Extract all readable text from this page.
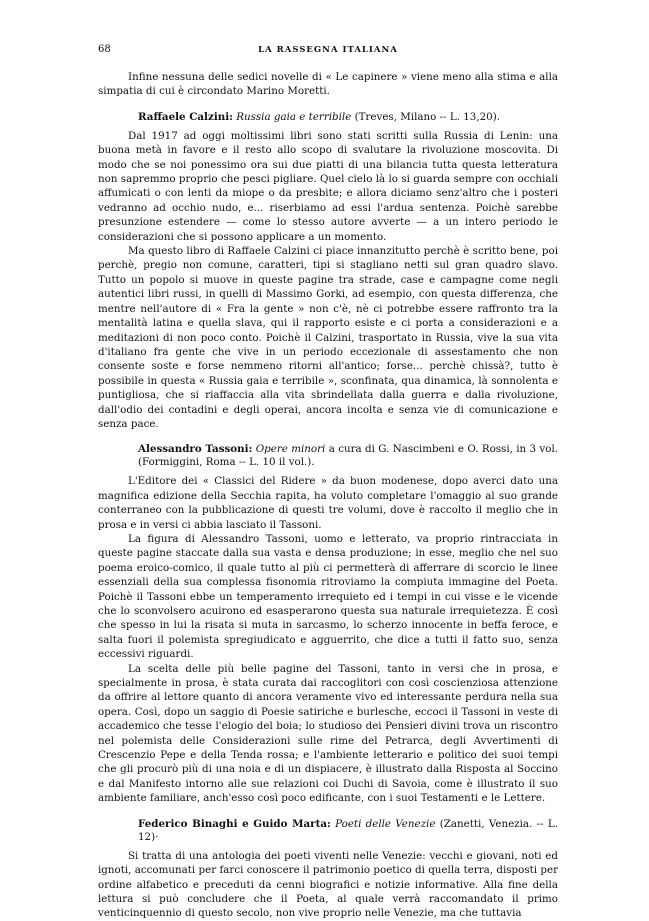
68	LA RASSEGNA ITALIANA

Infine nessuna delle sedici novelle di « Le capinere » viene meno alla stima e alla simpatia di cui è circondato Marino Moretti.

Raffaele Calzini: Russia gaia e terribile (Treves, Milano -- L. 13,20).

Dal 1917 ad oggi moltissimi libri sono stati scritti sulla Russia di Lenin: una buona metà in favore e il resto allo scopo di svalutare la rivoluzione moscovita. Di modo che se noi ponessimo ora sui due piatti di una bilancia tutta questa letteratura non sapremmo proprio che pesci pigliare. Quel cielo là lo si guarda sempre con occhiali affumicati o con lenti da miope o da presbite; e allora diciamo senz'altro che i posteri vedranno ad occhio nudo, e... riserbiamo ad essi l'ardua sentenza. Poichè sarebbe presunzione estendere — come lo stesso autore avverte — a un intero periodo le considerazioni che si possono applicare a un momento.

Ma questo libro di Raffaele Calzini ci piace innanzitutto perchè è scritto bene, poi perchè, pregio non comune, caratteri, tipi si stagliano netti sul gran quadro slavo. Tutto un popolo si muove in queste pagine tra strade, case e campagne come negli autentici libri russi, in quelli di Massimo Gorki, ad esempio, con questa differenza, che mentre nell'autore di « Fra la gente » non c'è, nè ci potrebbe essere raffronto tra la mentalità latina e quella slava, qui il rapporto esiste e ci porta a considerazioni e a meditazioni di non poco conto. Poichè il Calzini, trasportato in Russia, vive la sua vita d'italiano fra gente che vive in un periodo eccezionale di assestamento che non consente soste e forse nemmeno ritorni all'antico; forse... perchè chissà?, tutto è possibile in questa « Russia gaia e terribile », sconfinata, qua dinamica, là sonnolenta e puntigliosa, che si riaffaccia alla vita sbrindellata dalla guerra e dalla rivoluzione, dall'odio dei contadini e degli operai, ancora incolta e senza vie di comunicazione e senza pace.

Alessandro Tassoni: Opere minori a cura di G. Nascimbeni e O. Rossi, in 3 vol. (Formiggini, Roma -- L. 10 il vol.).

L'Editore dei « Classici del Ridere » da buon modenese, dopo averci dato una magnifica edizione della Secchia rapita, ha voluto completare l'omaggio al suo grande conterraneo con la pubblicazione di questi tre volumi, dove è raccolto il meglio che in prosa e in versi ci abbia lasciato il Tassoni.

La figura di Alessandro Tassoni, uomo e letterato, va proprio rintracciata in queste pagine staccate dalla sua vasta e densa produzione; in esse, meglio che nel suo poema eroico-comico, il quale tutto al più ci permetterà di afferrare di scorcio le linee essenziali della sua complessa fisonomia ritroviamo la compiuta immagine del Poeta. Poichè il Tassoni ebbe un temperamento irrequieto ed i tempi in cui visse e le vicende che lo sconvolsero acuirono ed esasperarono questa sua naturale irrequietezza. È così che spesso in lui la risata si muta in sarcasmo, lo scherzo innocente in beffa feroce, e salta fuori il polemista spregiudicato e agguerrito, che dice a tutti il fatto suo, senza eccessivi riguardi.

La scelta delle più belle pagine del Tassoni, tanto in versi che in prosa, e specialmente in prosa, è stata curata dai raccoglitori con così coscienziosa attenzione da offrire al lettore quanto di ancora veramente vivo ed interessante perdura nella sua opera. Così, dopo un saggio di Poesie satiriche e burlesche, eccoci il Tassoni in veste di accademico che tesse l'elogio del boia; lo studioso dei Pensieri divini trova un riscontro nel polemista delle Considerazioni sulle rime del Petrarca, degli Avvertimenti di Crescenzio Pepe e della Tenda rossa; e l'ambiente letterario e politico dei suoi tempi che gli procurò più di una noia e di un dispiacere, è illustrato dalla Risposta al Soccino e dal Manifesto intorno alle sue relazioni coi Duchi di Savoia, come è illustrato il suo ambiente familiare, anch'esso così poco edificante, con i suoi Testamenti e le Lettere.

Federico Binaghi e Guido Marta: Poeti delle Venezie (Zanetti, Venezia. -- L. 12)·

Si tratta di una antologia dei poeti viventi nelle Venezie: vecchi e giovani, noti ed ignoti, accomunati per farci conoscere il patrimonio poetico di quella terra, disposti per ordine alfabetico e preceduti da cenni biografici e notizie informative. Alla fine della lettura si può concludere che il Poeta, al quale verrà raccomandato il primo venticinquennio di questo secolo, non vive proprio nelle Venezie, ma che tuttavia
